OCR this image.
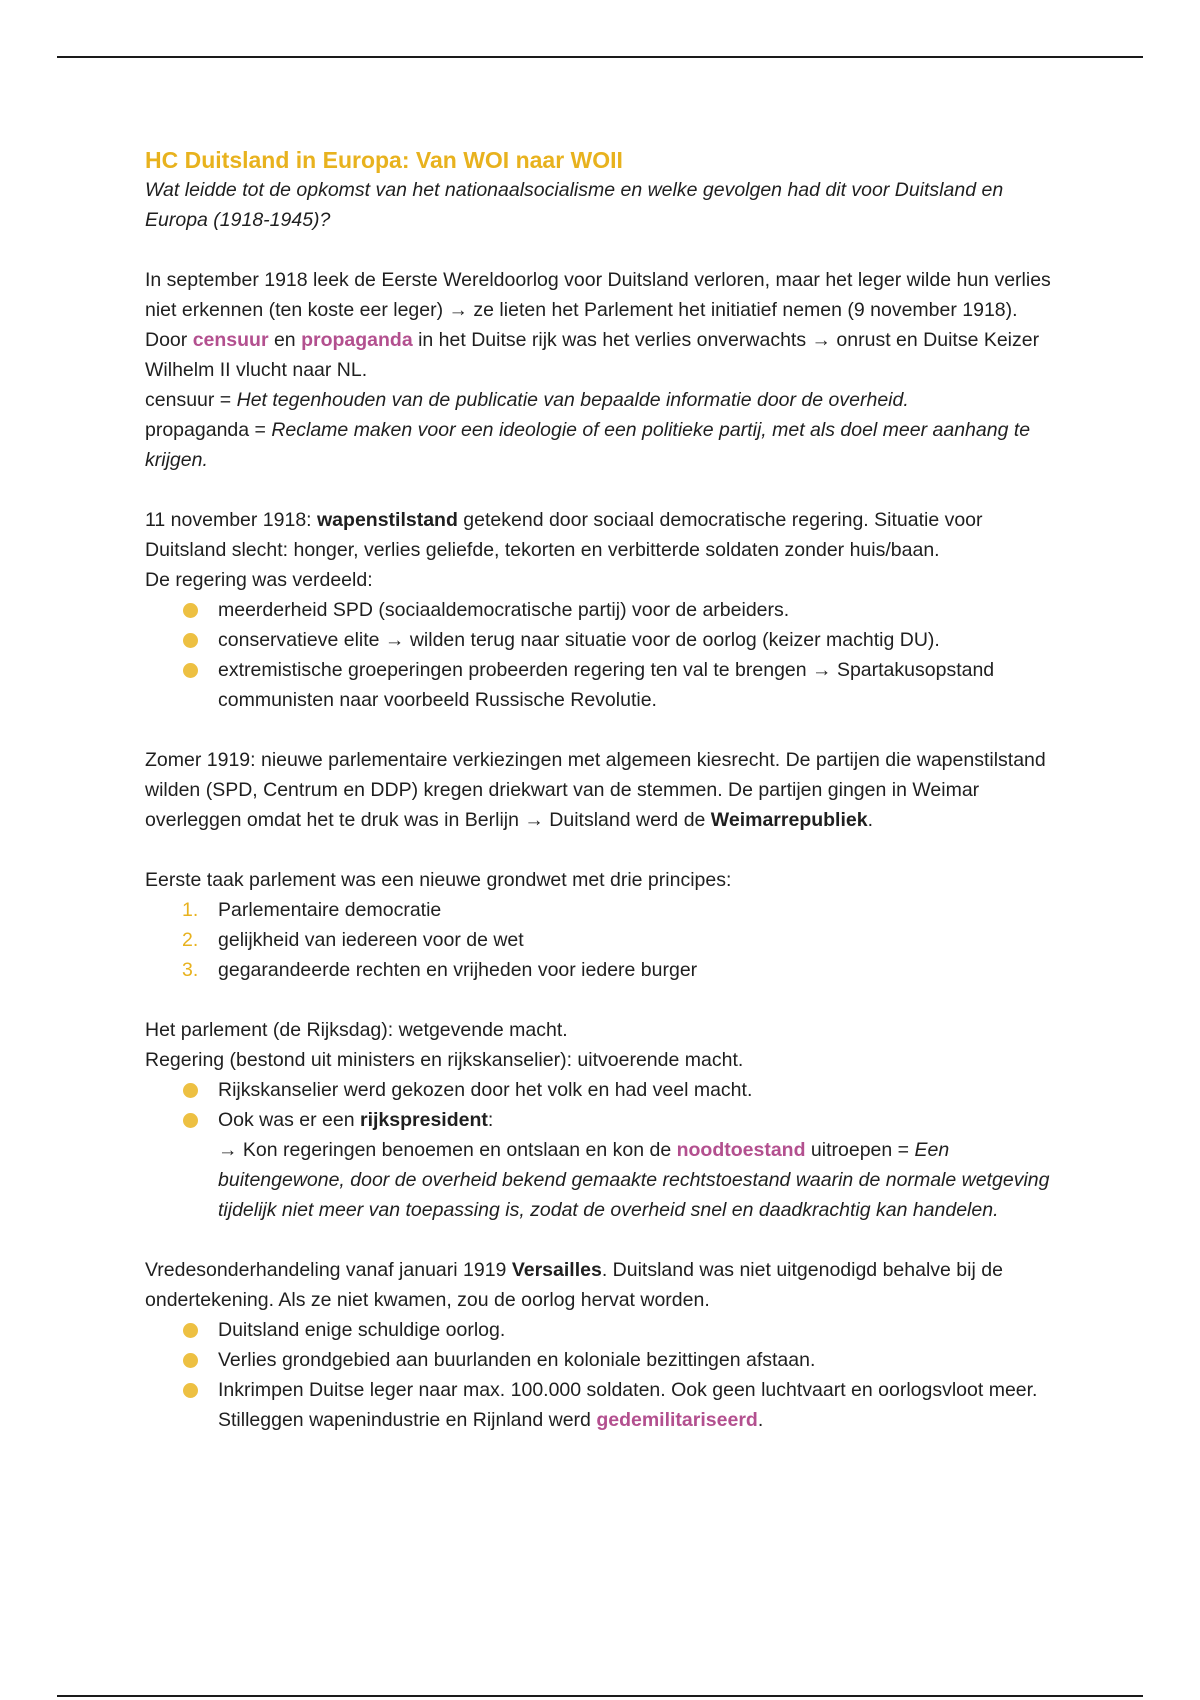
HC Duitsland in Europa: Van WOI naar WOII

Wat leidde tot de opkomst van het nationaalsocialisme en welke gevolgen had dit voor Duitsland en Europa (1918-1945)?

In september 1918 leek de Eerste Wereldoorlog voor Duitsland verloren, maar het leger wilde hun verlies niet erkennen (ten koste eer leger) → ze lieten het Parlement het initiatief nemen (9 november 1918).

Door censuur en propaganda in het Duitse rijk was het verlies onverwachts → onrust en Duitse Keizer Wilhelm II vlucht naar NL.

censuur = Het tegenhouden van de publicatie van bepaalde informatie door de overheid.

propaganda = Reclame maken voor een ideologie of een politieke partij, met als doel meer aanhang te krijgen.

11 november 1918: wapenstilstand getekend door sociaal democratische regering. Situatie voor Duitsland slecht: honger, verlies geliefde, tekorten en verbitterde soldaten zonder huis/baan.

De regering was verdeeld:

meerderheid SPD (sociaaldemocratische partij) voor de arbeiders.
conservatieve elite → wilden terug naar situatie voor de oorlog (keizer machtig DU).
extremistische groeperingen probeerden regering ten val te brengen → Spartakusopstand communisten naar voorbeeld Russische Revolutie.

Zomer 1919: nieuwe parlementaire verkiezingen met algemeen kiesrecht. De partijen die wapenstilstand wilden (SPD, Centrum en DDP) kregen driekwart van de stemmen. De partijen gingen in Weimar overleggen omdat het te druk was in Berlijn → Duitsland werd de Weimarrepubliek.

Eerste taak parlement was een nieuwe grondwet met drie principes:

1. Parlementaire democratie
2. gelijkheid van iedereen voor de wet
3. gegarandeerde rechten en vrijheden voor iedere burger

Het parlement (de Rijksdag): wetgevende macht.

Regering (bestond uit ministers en rijkskanselier): uitvoerende macht.

Rijkskanselier werd gekozen door het volk en had veel macht.
Ook was er een rijkspresident:
→ Kon regeringen benoemen en ontslaan en kon de noodtoestand uitroepen = Een buitengewone, door de overheid bekend gemaakte rechtstoestand waarin de normale wetgeving tijdelijk niet meer van toepassing is, zodat de overheid snel en daadkrachtig kan handelen.

Vredesonderhandeling vanaf januari 1919 Versailles. Duitsland was niet uitgenodigd behalve bij de ondertekening. Als ze niet kwamen, zou de oorlog hervat worden.

Duitsland enige schuldige oorlog.
Verlies grondgebied aan buurlanden en koloniale bezittingen afstaan.
Inkrimpen Duitse leger naar max. 100.000 soldaten. Ook geen luchtvaart en oorlogsvloot meer. Stilleggen wapenindustrie en Rijnland werd gedemilitariseerd.
